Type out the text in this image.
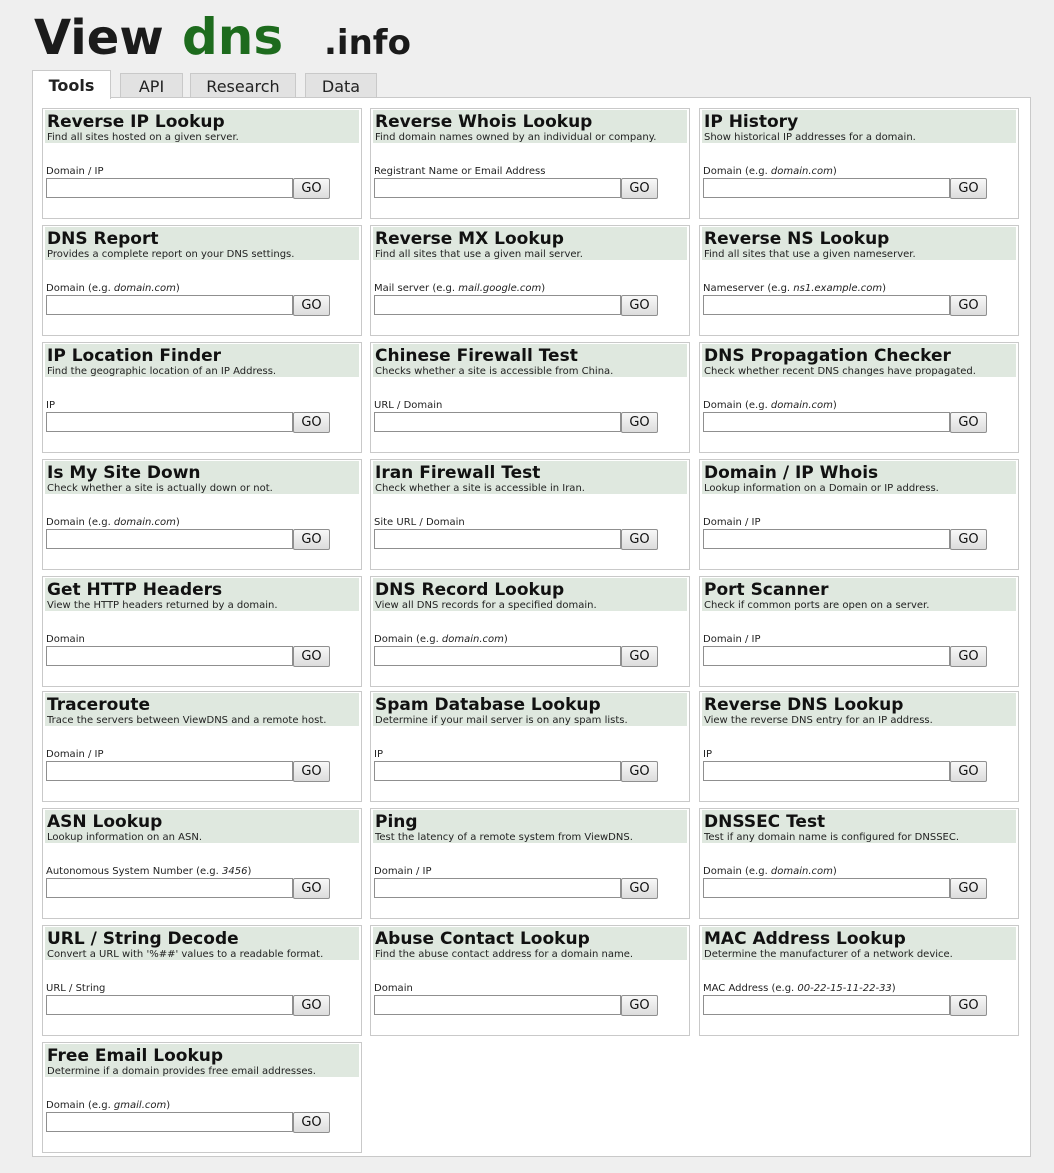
View dns .info
Tools	API	Research	Data
Reverse IP Lookup
Find all sites hosted on a given server.
Domain / IP
GO
Reverse Whois Lookup
Find domain names owned by an individual or company.
Registrant Name or Email Address
GO
IP History
Show historical IP addresses for a domain.
Domain (e.g. domain.com)
GO
DNS Report
Provides a complete report on your DNS settings.
Domain (e.g. domain.com)
GO
Reverse MX Lookup
Find all sites that use a given mail server.
Mail server (e.g. mail.google.com)
GO
Reverse NS Lookup
Find all sites that use a given nameserver.
Nameserver (e.g. ns1.example.com)
GO
IP Location Finder
Find the geographic location of an IP Address.
IP
GO
Chinese Firewall Test
Checks whether a site is accessible from China.
URL / Domain
GO
DNS Propagation Checker
Check whether recent DNS changes have propagated.
Domain (e.g. domain.com)
GO
Is My Site Down
Check whether a site is actually down or not.
Domain (e.g. domain.com)
GO
Iran Firewall Test
Check whether a site is accessible in Iran.
Site URL / Domain
GO
Domain / IP Whois
Lookup information on a Domain or IP address.
Domain / IP
GO
Get HTTP Headers
View the HTTP headers returned by a domain.
Domain
GO
DNS Record Lookup
View all DNS records for a specified domain.
Domain (e.g. domain.com)
GO
Port Scanner
Check if common ports are open on a server.
Domain / IP
GO
Traceroute
Trace the servers between ViewDNS and a remote host.
Domain / IP
GO
Spam Database Lookup
Determine if your mail server is on any spam lists.
IP
GO
Reverse DNS Lookup
View the reverse DNS entry for an IP address.
IP
GO
ASN Lookup
Lookup information on an ASN.
Autonomous System Number (e.g. 3456)
GO
Ping
Test the latency of a remote system from ViewDNS.
Domain / IP
GO
DNSSEC Test
Test if any domain name is configured for DNSSEC.
Domain (e.g. domain.com)
GO
URL / String Decode
Convert a URL with '%##' values to a readable format.
URL / String
GO
Abuse Contact Lookup
Find the abuse contact address for a domain name.
Domain
GO
MAC Address Lookup
Determine the manufacturer of a network device.
MAC Address (e.g. 00-22-15-11-22-33)
GO
Free Email Lookup
Determine if a domain provides free email addresses.
Domain (e.g. gmail.com)
GO
